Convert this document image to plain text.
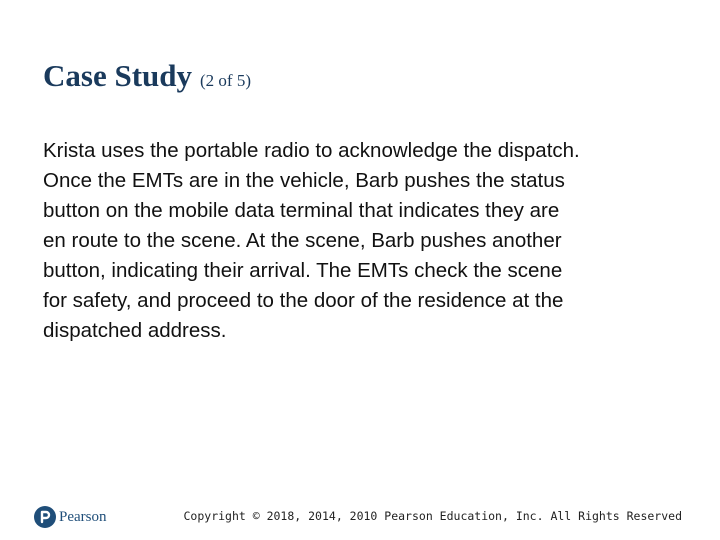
Case Study (2 of 5)

Krista uses the portable radio to acknowledge the dispatch.
Once the EMTs are in the vehicle, Barb pushes the status
button on the mobile data terminal that indicates they are
en route to the scene. At the scene, Barb pushes another
button, indicating their arrival. The EMTs check the scene
for safety, and proceed to the door of the residence at the
dispatched address.

Pearson	Copyright © 2018, 2014, 2010 Pearson Education, Inc. All Rights Reserved
